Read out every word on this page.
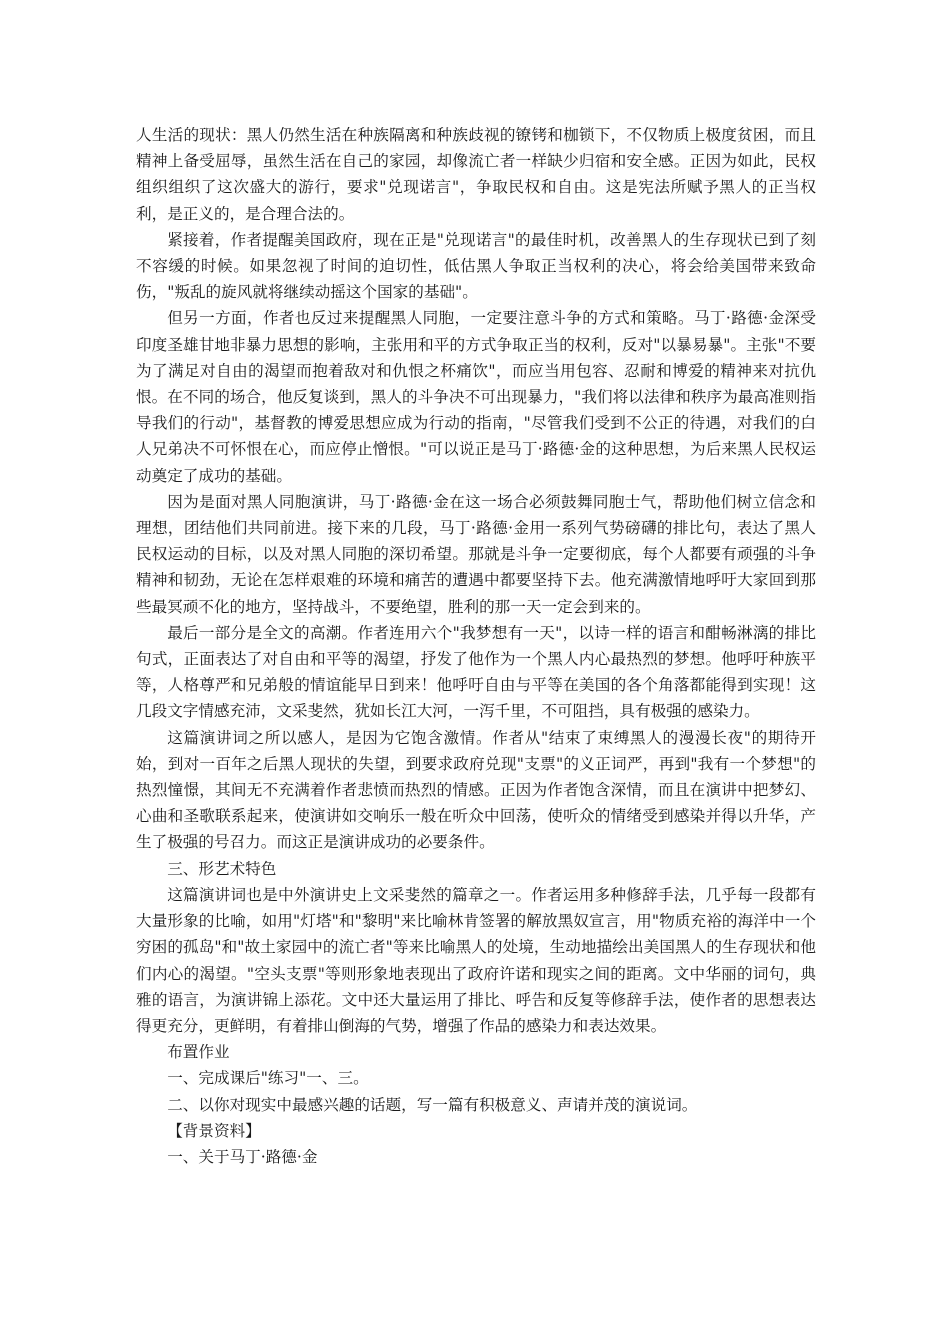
人生活的现状：黑人仍然生活在种族隔离和种族歧视的镣铐和枷锁下，不仅物质上极度贫困，而且精神上备受屈辱，虽然生活在自己的家园，却像流亡者一样缺少归宿和安全感。正因为如此，民权组织组织了这次盛大的游行，要求"兑现诺言"，争取民权和自由。这是宪法所赋予黑人的正当权利，是正义的，是合理合法的。

紧接着，作者提醒美国政府，现在正是"兑现诺言"的最佳时机，改善黑人的生存现状已到了刻不容缓的时候。如果忽视了时间的迫切性，低估黑人争取正当权利的决心，将会给美国带来致命伤，"叛乱的旋风就将继续动摇这个国家的基础"。

但另一方面，作者也反过来提醒黑人同胞，一定要注意斗争的方式和策略。马丁·路德·金深受印度圣雄甘地非暴力思想的影响，主张用和平的方式争取正当的权利，反对"以暴易暴"。主张"不要为了满足对自由的渴望而抱着敌对和仇恨之杯痛饮"，而应当用包容、忍耐和博爱的精神来对抗仇恨。在不同的场合，他反复谈到，黑人的斗争决不可出现暴力，"我们将以法律和秩序为最高准则指导我们的行动"，基督教的博爱思想应成为行动的指南，"尽管我们受到不公正的待遇，对我们的白人兄弟决不可怀恨在心，而应停止憎恨。"可以说正是马丁·路德·金的这种思想，为后来黑人民权运动奠定了成功的基础。

因为是面对黑人同胞演讲，马丁·路德·金在这一场合必须鼓舞同胞士气，帮助他们树立信念和理想，团结他们共同前进。接下来的几段，马丁·路德·金用一系列气势磅礴的排比句，表达了黑人民权运动的目标，以及对黑人同胞的深切希望。那就是斗争一定要彻底，每个人都要有顽强的斗争精神和韧劲，无论在怎样艰难的环境和痛苦的遭遇中都要坚持下去。他充满激情地呼吁大家回到那些最冥顽不化的地方，坚持战斗，不要绝望，胜利的那一天一定会到来的。

最后一部分是全文的高潮。作者连用六个"我梦想有一天"，以诗一样的语言和酣畅淋漓的排比句式，正面表达了对自由和平等的渴望，抒发了他作为一个黑人内心最热烈的梦想。他呼吁种族平等，人格尊严和兄弟般的情谊能早日到来！他呼吁自由与平等在美国的各个角落都能得到实现！这几段文字情感充沛，文采斐然，犹如长江大河，一泻千里，不可阻挡，具有极强的感染力。

这篇演讲词之所以感人，是因为它饱含激情。作者从"结束了束缚黑人的漫漫长夜"的期待开始，到对一百年之后黑人现状的失望，到要求政府兑现"支票"的义正词严，再到"我有一个梦想"的热烈憧憬，其间无不充满着作者悲愤而热烈的情感。正因为作者饱含深情，而且在演讲中把梦幻、心曲和圣歌联系起来，使演讲如交响乐一般在听众中回荡，使听众的情绪受到感染并得以升华，产生了极强的号召力。而这正是演讲成功的必要条件。

三、形艺术特色

这篇演讲词也是中外演讲史上文采斐然的篇章之一。作者运用多种修辞手法，几乎每一段都有大量形象的比喻，如用"灯塔"和"黎明"来比喻林肯签署的解放黑奴宣言，用"物质充裕的海洋中一个穷困的孤岛"和"故土家园中的流亡者"等来比喻黑人的处境，生动地描绘出美国黑人的生存现状和他们内心的渴望。"空头支票"等则形象地表现出了政府许诺和现实之间的距离。文中华丽的词句，典雅的语言，为演讲锦上添花。文中还大量运用了排比、呼告和反复等修辞手法，使作者的思想表达得更充分，更鲜明，有着排山倒海的气势，增强了作品的感染力和表达效果。

布置作业

一、完成课后"练习"一、三。

二、以你对现实中最感兴趣的话题，写一篇有积极意义、声请并茂的演说词。

【背景资料】

一、关于马丁·路德·金
